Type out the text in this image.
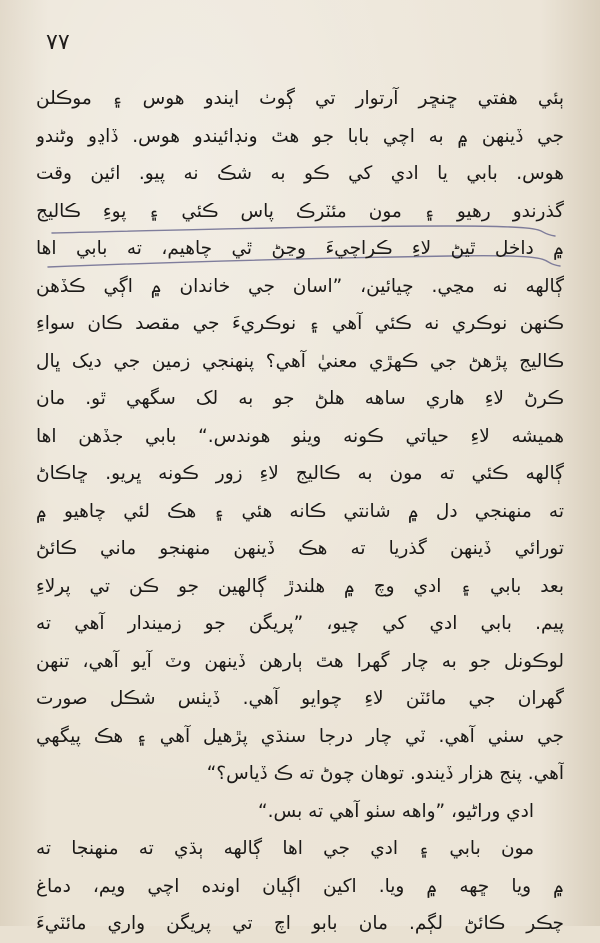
٧٧
ٻئي هفتي ڇنڇر آرتوار تي ڳوٺ ايندو هوس ۽ موڪلن
جي ڏينهن ۾ به اچي بابا جو هٿ ونڊائيندو هوس. ڏاڍو وڻندو
هوس. بابي يا ادي کي ڪو به شڪ نه پيو. ائين وقت
گذرندو رهيو ۽ مون مئٽرڪ پاس ڪئي ۽ پوءِ ڪاليج
۾ داخل ٿيڻ لاءِ ڪراچيءَ وڃڻ ٿي چاهيم، ته بابي اها
ڳالهه نه مڃي. چيائين، ”اسان جي خاندان ۾ اڳي ڪڏهن
ڪنهن نوڪري نه ڪئي آهي ۽ نوڪريءَ جي مقصد ڪان سواءِ
ڪاليج پڙهڻ جي ڪهڙي معنيٰ آهي؟ پنهنجي زمين جي ديک ڀال
ڪرڻ لاءِ هاري ساهه هلڻ جو به لک سگهي ٿو. مان
هميشه لاءِ حياتي ڪونه ويٺو هوندس.“ بابي جڏهن اها
ڳالهه ڪئي ته مون به ڪاليج لاءِ زور ڪونه ڀريو. ڇاڪاڻ
ته منهنجي دل ۾ شانتي ڪانه هئي ۽ هڪ لئي چاهيو ۾
تورائي ڏينهن گذريا ته هڪ ڏينهن منهنجو ماني ڪائڻ
بعد بابي ۽ ادي وچ ۾ هلندڙ ڳالهين جو ڪن تي پرلاءِ
پيم. بابي ادي کي چيو، ”پريگن جو زميندار آهي ته
لوڪونل جو به چار گهرا هٿ ٻارهن ڏينهن وٽ آيو آهي، تنهن
گهران جي مائٽن لاءِ چوايو آهي. ڏيٺس شڪل صورت
جي سٺي آهي. ٽي چار درجا سنڌي پڙهيل آهي ۽ هڪ پيگهي
آهي. پنج هزار ڏيندو. توهان چوڻ ته ڪ ڏياس؟“
ادي وراڻيو، ”واهه سٺو آهي ته بس.“
مون بابي ۽ ادي جي اها ڳالهه ٻڌي ته منهنجا ته
۾ ويا ڇهه ۾ ويا. اکين اڳيان اونده اچي ويم، دماغ
چڪر ڪائڻ لڳم. مان بابو اچ تي پريگن واري مائٽيءَ
